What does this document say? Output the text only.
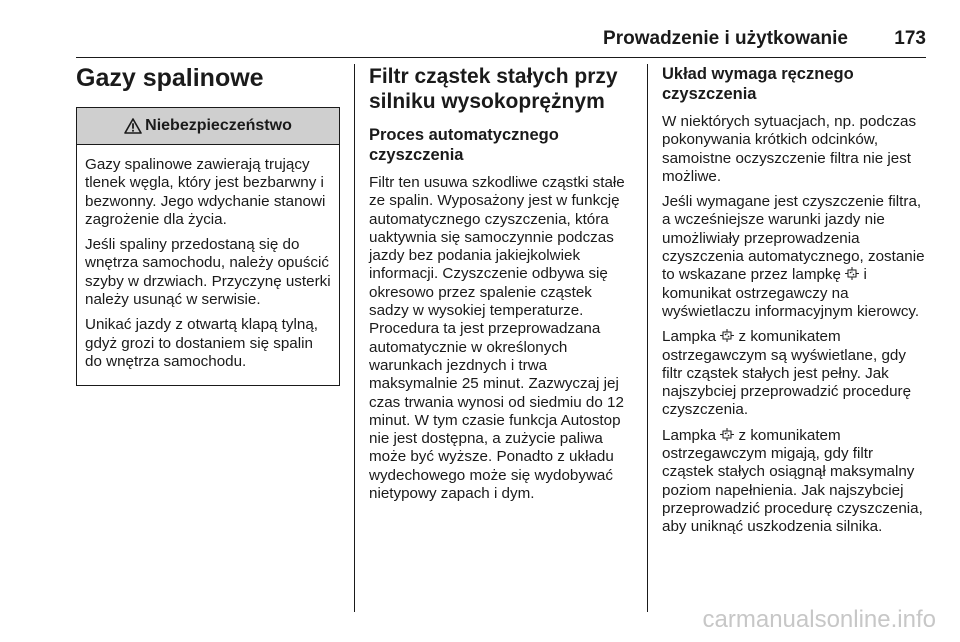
Prowadzenie i użytkowanie 173
Gazy spalinowe
Niebezpieczeństwo

Gazy spalinowe zawierają trujący tlenek węgla, który jest bezbarwny i bezwonny. Jego wdychanie stanowi zagrożenie dla życia.

Jeśli spaliny przedostaną się do wnętrza samochodu, należy opuścić szyby w drzwiach. Przyczynę usterki należy usunąć w serwisie.

Unikać jazdy z otwartą klapą tylną, gdyż grozi to dostaniem się spalin do wnętrza samochodu.

Filtr cząstek stałych przy silniku wysokoprężnym
Proces automatycznego czyszczenia

Filtr ten usuwa szkodliwe cząstki stałe ze spalin. Wyposażony jest w funkcję automatycznego czyszczenia, która uaktywnia się samoczynnie podczas jazdy bez podania jakiejkolwiek informacji. Czyszczenie odbywa się okresowo przez spalenie cząstek sadzy w wysokiej temperaturze. Procedura ta jest przeprowadzana automatycznie w określonych warunkach jezdnych i trwa maksymalnie 25 minut. Zazwyczaj jej czas trwania wynosi od siedmiu do 12 minut. W tym czasie funkcja Autostop nie jest dostępna, a zużycie paliwa może być wyższe. Ponadto z układu wydechowego może się wydobywać nietypowy zapach i dym.

Układ wymaga ręcznego czyszczenia

W niektórych sytuacjach, np. podczas pokonywania krótkich odcinków, samoistne oczyszczenie filtra nie jest możliwe.

Jeśli wymagane jest czyszczenie filtra, a wcześniejsze warunki jazdy nie umożliwiały przeprowadzenia czyszczenia automatycznego, zostanie to wskazane przez lampkę i komunikat ostrzegawczy na wyświetlaczu informacyjnym kierowcy.

Lampka z komunikatem ostrzegawczym są wyświetlane, gdy filtr cząstek stałych jest pełny. Jak najszybciej przeprowadzić procedurę czyszczenia.

Lampka z komunikatem ostrzegawczym migają, gdy filtr cząstek stałych osiągnął maksymalny poziom napełnienia. Jak najszybciej przeprowadzić procedurę czyszczenia, aby uniknąć uszkodzenia silnika.

carmanualsonline.info
